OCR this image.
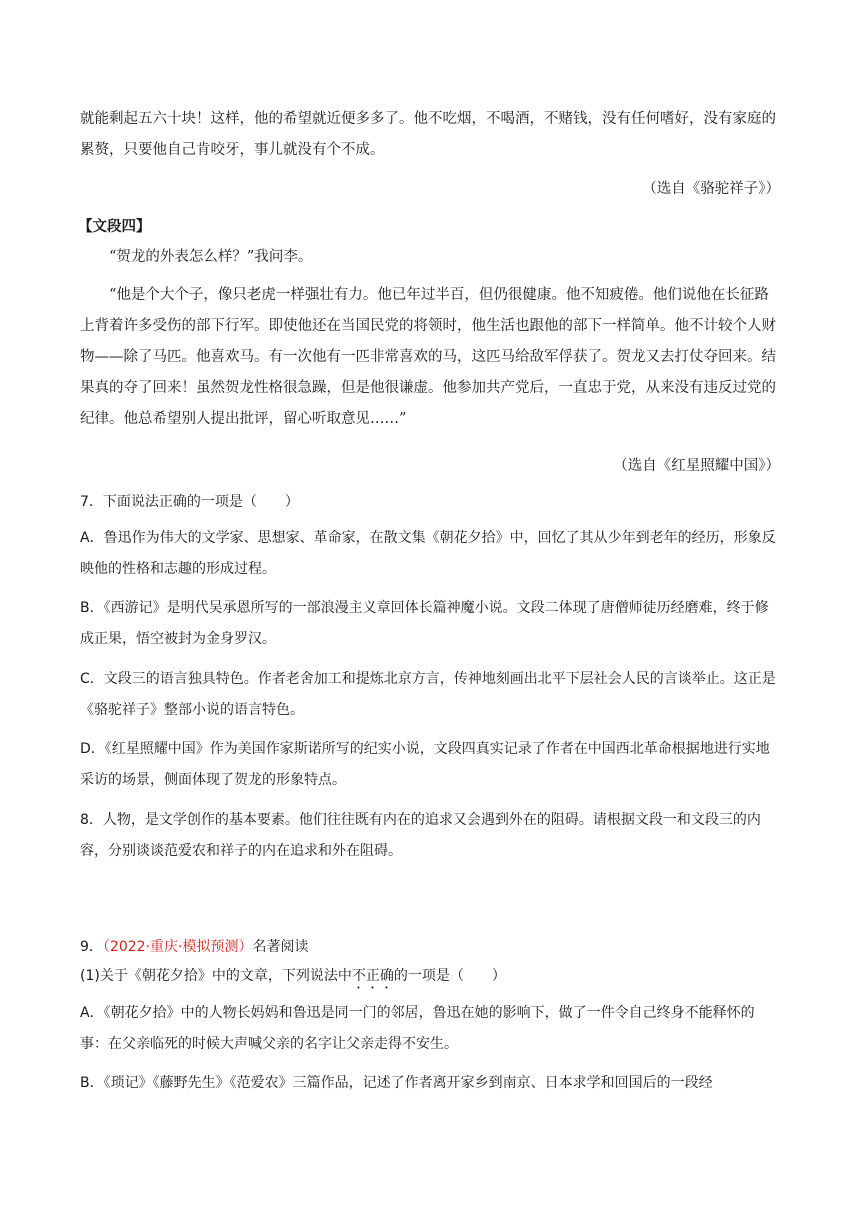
就能剩起五六十块！这样，他的希望就近便多多了。他不吃烟，不喝酒，不赌钱，没有任何嗜好，没有家庭的累赘，只要他自己肯咬牙，事儿就没有个不成。
（选自《骆驼祥子》）
【文段四】
“贺龙的外表怎么样？”我问李。
“他是个大个子，像只老虎一样强壮有力。他已年过半百，但仍很健康。他不知疲倦。他们说他在长征路上背着许多受伤的部下行军。即使他还在当国民党的将领时，他生活也跟他的部下一样简单。他不计较个人财物——除了马匹。他喜欢马。有一次他有一匹非常喜欢的马，这匹马给敌军俘获了。贺龙又去打仗夺回来。结果真的夺了回来！虽然贺龙性格很急躁，但是他很谦虚。他参加共产党后，一直忠于党，从来没有违反过党的纪律。他总希望别人提出批评，留心听取意见……”
（选自《红星照耀中国》）
7．下面说法正确的一项是（　　）
A．鲁迅作为伟大的文学家、思想家、革命家，在散文集《朝花夕拾》中，回忆了其从少年到老年的经历，形象反映他的性格和志趣的形成过程。
B．《西游记》是明代吴承恩所写的一部浪漫主义章回体长篇神魔小说。文段二体现了唐僧师徒历经磨难，终于修成正果，悟空被封为金身罗汉。
C．文段三的语言独具特色。作者老舍加工和提炼北京方言，传神地刻画出北平下层社会人民的言谈举止。这正是《骆驼祥子》整部小说的语言特色。
D．《红星照耀中国》作为美国作家斯诺所写的纪实小说，文段四真实记录了作者在中国西北革命根据地进行实地采访的场景，侧面体现了贺龙的形象特点。
8．人物，是文学创作的基本要素。他们往往既有内在的追求又会遇到外在的阻碍。请根据文段一和文段三的内容，分别谈谈范爱农和祥子的内在追求和外在阻碍。
9．（2022·重庆·模拟预测）名著阅读
(1)关于《朝花夕拾》中的文章，下列说法中不正确的一项是（　　）
A．《朝花夕拾》中的人物长妈妈和鲁迅是同一门的邻居，鲁迅在她的影响下，做了一件令自己终身不能释怀的事：在父亲临死的时候大声喊父亲的名字让父亲走得不安生。
B．《琐记》《藤野先生》《范爱农》三篇作品，记述了作者离开家乡到南京、日本求学和回国后的一段经
